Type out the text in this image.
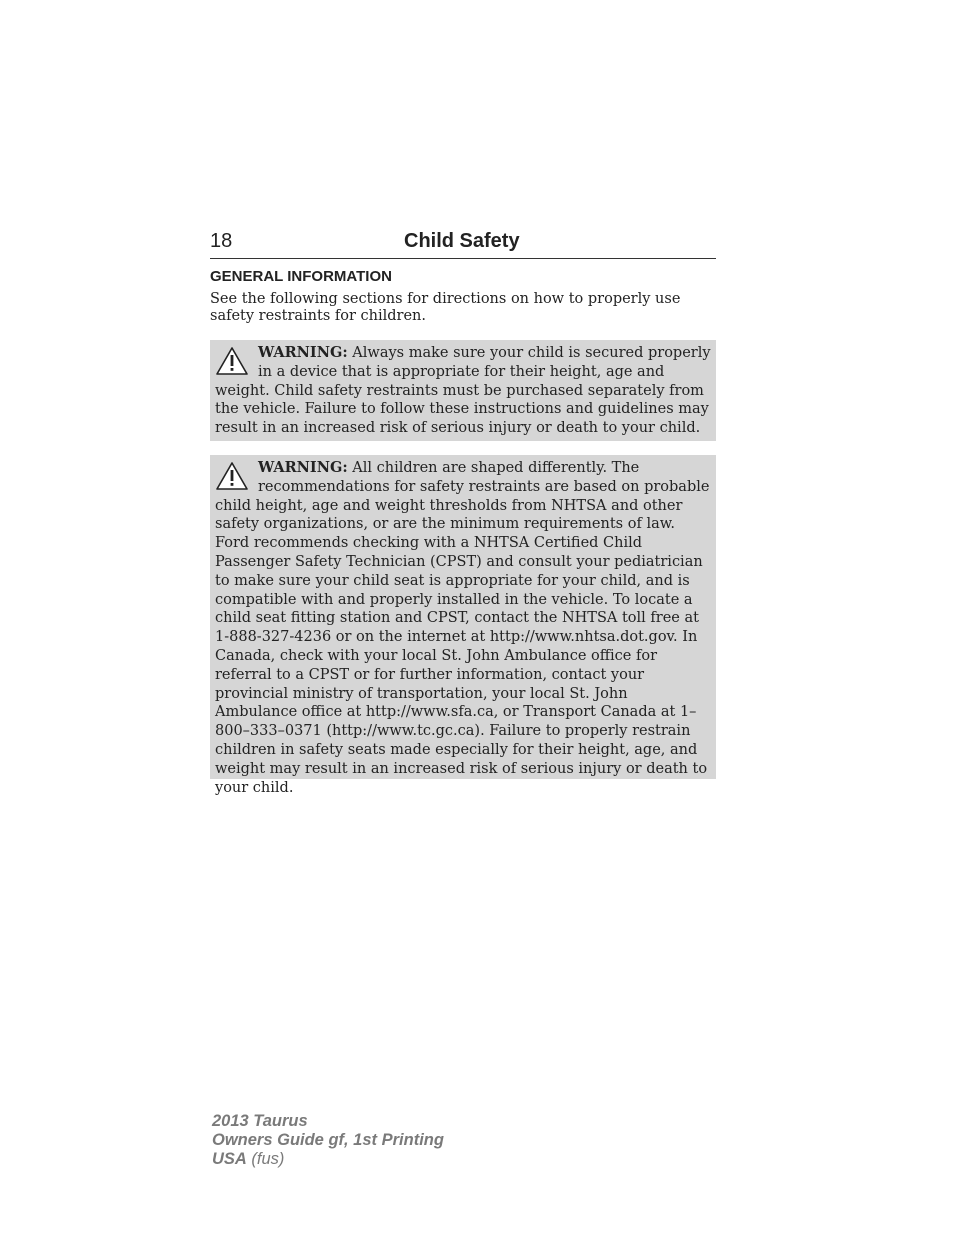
18	Child Safety
GENERAL INFORMATION
See the following sections for directions on how to properly use safety restraints for children.
WARNING: Always make sure your child is secured properly in a device that is appropriate for their height, age and weight. Child safety restraints must be purchased separately from the vehicle. Failure to follow these instructions and guidelines may result in an increased risk of serious injury or death to your child.
WARNING: All children are shaped differently. The recommendations for safety restraints are based on probable child height, age and weight thresholds from NHTSA and other safety organizations, or are the minimum requirements of law. Ford recommends checking with a NHTSA Certified Child Passenger Safety Technician (CPST) and consult your pediatrician to make sure your child seat is appropriate for your child, and is compatible with and properly installed in the vehicle. To locate a child seat fitting station and CPST, contact the NHTSA toll free at 1-888-327-4236 or on the internet at http://www.nhtsa.dot.gov. In Canada, check with your local St. John Ambulance office for referral to a CPST or for further information, contact your provincial ministry of transportation, your local St. John Ambulance office at http://www.sfa.ca, or Transport Canada at 1–800–333–0371 (http://www.tc.gc.ca). Failure to properly restrain children in safety seats made especially for their height, age, and weight may result in an increased risk of serious injury or death to your child.
2013 Taurus
Owners Guide gf, 1st Printing
USA (fus)
